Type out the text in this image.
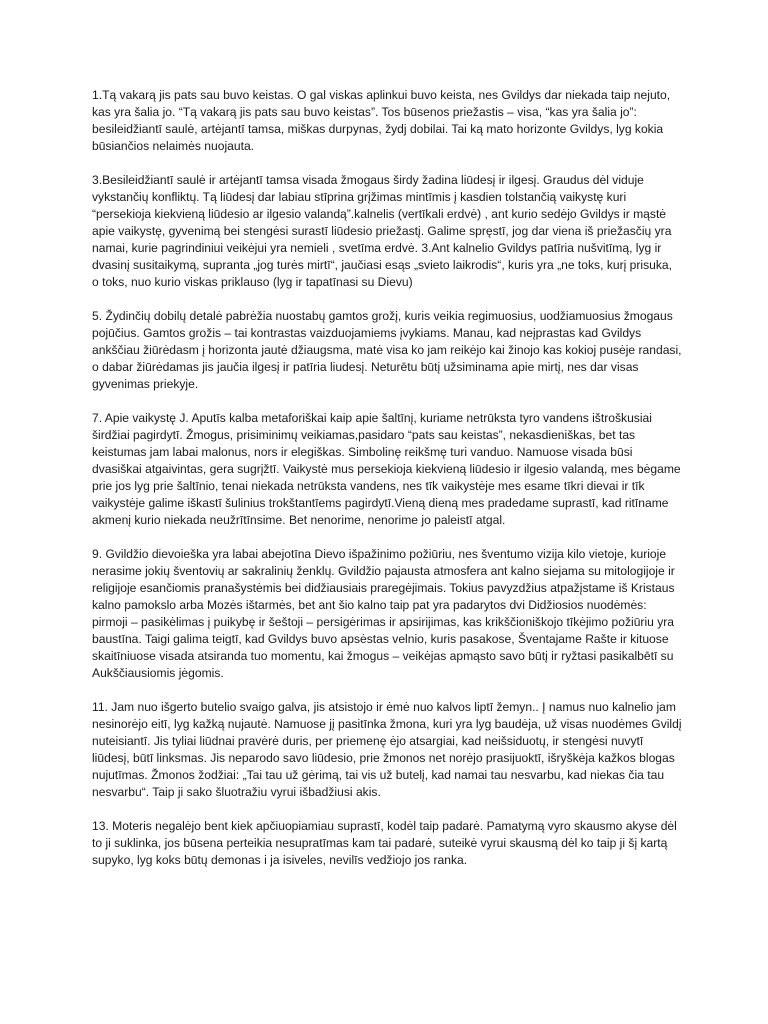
1.Tą vakarą jis pats sau buvo keistas. O gal viskas aplinkui buvo keista, nes Gvildys dar niekada taip nejuto, kas yra šalia jo. “Tą vakarą jis pats sau buvo keistas”. Tos būsenos priežastis – visa, “kas yra šalia jo”: besileidžiantī saulė, artėjantī tamsa, miškas durpynas, žydj dobilai. Tai ką mato horizonte Gvildys, lyg kokia būsiančios nelaimės nuojauta.

3.Besileidžiantī saulė ir artėjantī tamsa visada žmogaus širdy žadina liūdesį ir ilgesį. Graudus dėl viduje vykstančių konfliktų. Tą liūdesį dar labiau stīprina grįžimas mintīmis į kasdien tolstančią vaikystę kuri “persekioja kiekvieną liūdesio ar ilgesio valandą”.kalnelis (vertīkali erdvė) , ant kurio sedėjo Gvildys ir mąstė apie vaikystę, gyvenimą bei stengėsi surastī liūdesio priežastį. Galime spręstī, jog dar viena iš priežasčių yra namai, kurie pagrindiniui veikėjui yra nemieli , svetīma erdvė. 3.Ant kalnelio Gvildys patīria nušvitīmą, lyg ir dvasinį susitaikymą, supranta „jog turės mirtī“, jaučiasi esąs „svieto laikrodis“, kuris yra „ne toks, kurį prisuka, o toks, nuo kurio viskas priklauso (lyg ir tapatīnasi su Dievu)

5. Žydinčių dobilų detalė pabrėžia nuostabų gamtos grožį, kuris veikia regimuosius, uodžiamuosius žmogaus pojūčius. Gamtos grožis – tai kontrastas vaizduojamiems įvykiams. Manau, kad neįprastas kad Gvildys ankščiau žiūrėdasm į horizonta jautė džiaugsma, matė visa ko jam reikėjo kai žinojo kas kokioj pusėje randasi, o dabar žiūrėdamas jis jaučia ilgesį ir patīria liudesį. Neturētu būtį užsiminama apie mirtį, nes dar visas gyvenimas priekyje.

7. Apie vaikystę J. Aputīs kalba metaforiškai kaip apie šaltīnį, kuriame netrūksta tyro vandens ištroškusiai širdžiai pagirdytī. Žmogus, prisiminimų veikiamas,pasidaro “pats sau keistas”, nekasdieniškas, bet tas keistumas jam labai malonus, nors ir elegiškas. Simbolinę reikšmę turi vanduo. Namuose visada būsi dvasiškai atgaivintas, gera sugrįžtī. Vaikystė mus persekioja kiekvieną liūdesio ir ilgesio valandą, mes bėgame prie jos lyg prie šaltīnio, tenai niekada netrūksta vandens, nes tīk vaikystėje mes esame tīkri dievai ir tīk vaikystėje galime iškastī šulinius trokštantīems pagirdytī.Vieną dieną mes pradedame suprastī, kad ritīname akmenį kurio niekada neužrītīnsime. Bet nenorime, nenorime jo paleistī atgal.

9. Gvildžio dievoieška yra labai abejotīna Dievo išpažinimo požiūriu, nes šventumo vizija kilo vietoje, kurioje nerasime jokių šventovių ar sakralinių ženklų. Gvildžio pajausta atmosfera ant kalno siejama su mitologijoje ir religijoje esančiomis pranašystėmis bei didžiausiais praregėjimais. Tokius pavyzdžius atpažįstame iš Kristaus kalno pamokslo arba Mozės ištarmės, bet ant šio kalno taip pat yra padarytos dvi Didžiosios nuodėmės: pirmoji – pasikėlimas į puikybę ir šeštoji – persigėrimas ir apsirijimas, kas krikščioniškojo tīkėjimo požiūriu yra baustīna. Taigi galima teigtī, kad Gvildys buvo apsėstas velnio, kuris pasakose, Šventajame Rašte ir kituose skaitīniuose visada atsiranda tuo momentu, kai žmogus – veikėjas apmąsto savo būtį ir ryžtasi pasikalbētī su Aukščiausiomis jėgomis.

11. Jam nuo išgerto butelio svaigo galva, jis atsistojo ir ėmė nuo kalvos liptī žemyn.. Į namus nuo kalnelio jam nesinorėjo eitī, lyg kažką nujautė. Namuose jį pasitīnka žmona, kuri yra lyg baudėja, už visas nuodėmes Gvildį nuteisiantī. Jis tyliai liūdnai pravėrė duris, per priemenę ėjo atsargiai, kad neišsiduotų, ir stengėsi nuvytī liūdesį, būtī linksmas. Jis neparodo savo liūdesio, prie žmonos net norėjo prasijuoktī, išryškėja kažkos blogas nujutīmas. Žmonos žodžiai: „Tai tau už gėrimą, tai vis už butelį, kad namai tau nesvarbu, kad niekas čia tau nesvarbu“. Taip ji sako šluotražiu vyrui išbadžiusi akis.

13. Moteris negalėjo bent kiek apčiuopiamiau suprastī, kodėl taip padarė. Pamatymą vyro skausmo akyse dėl to ji suklinka, jos būsena perteikia nesupratīmas kam tai padarė, suteikė vyrui skausmą dėl ko taip ji šį kartą supyko, lyg koks būtų demonas i ja isiveles, nevilīs vedžiojo jos ranka.
